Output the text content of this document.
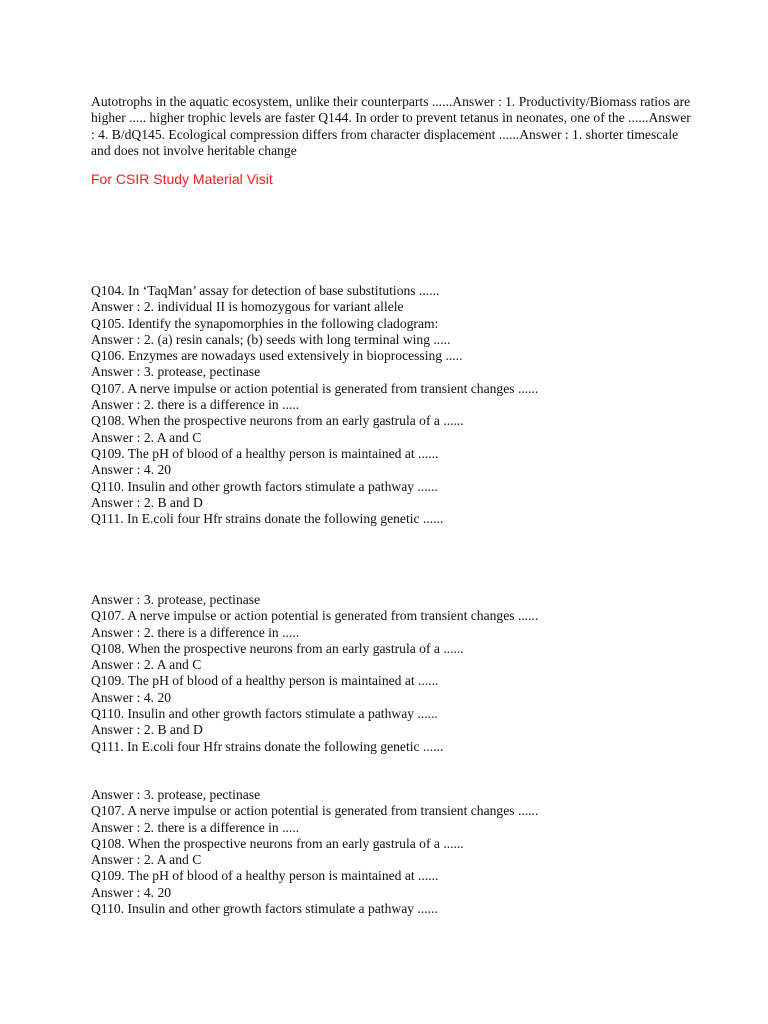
Autotrophs in the aquatic ecosystem, unlike their counterparts ......Answer : 1. Productivity/Biomass ratios are higher ..... higher trophic levels are faster Q144. In order to prevent tetanus in neonates, one of the ......Answer : 4. B/dQ145. Ecological compression differs from character displacement ......Answer : 1. shorter timescale and does not involve heritable change

For CSIR Study Material Visit

Q104. In ‘TaqMan’ assay for detection of base substitutions ......
Answer : 2. individual II is homozygous for variant allele
Q105. Identify the synapomorphies in the following cladogram:
Answer : 2. (a) resin canals; (b) seeds with long terminal wing .....
Q106. Enzymes are nowadays used extensively in bioprocessing .....
Answer : 3. protease, pectinase
Q107. A nerve impulse or action potential is generated from transient changes ......
Answer : 2. there is a difference in .....
Q108. When the prospective neurons from an early gastrula of a ......
Answer : 2. A and C
Q109. The pH of blood of a healthy person is maintained at ......
Answer : 4. 20
Q110. Insulin and other growth factors stimulate a pathway ......
Answer : 2. B and D
Q111. In E.coli four Hfr strains donate the following genetic ......
Answer : 3. protease, pectinase
Q107. A nerve impulse or action potential is generated from transient changes ......
Answer : 2. there is a difference in .....
Q108. When the prospective neurons from an early gastrula of a ......
Answer : 2. A and C
Q109. The pH of blood of a healthy person is maintained at ......
Answer : 4. 20
Q110. Insulin and other growth factors stimulate a pathway ......
Answer : 2. B and D
Q111. In E.coli four Hfr strains donate the following genetic ......
Answer : 3. protease, pectinase
Q107. A nerve impulse or action potential is generated from transient changes ......
Answer : 2. there is a difference in .....
Q108. When the prospective neurons from an early gastrula of a ......
Answer : 2. A and C
Q109. The pH of blood of a healthy person is maintained at ......
Answer : 4. 20
Q110. Insulin and other growth factors stimulate a pathway ......
